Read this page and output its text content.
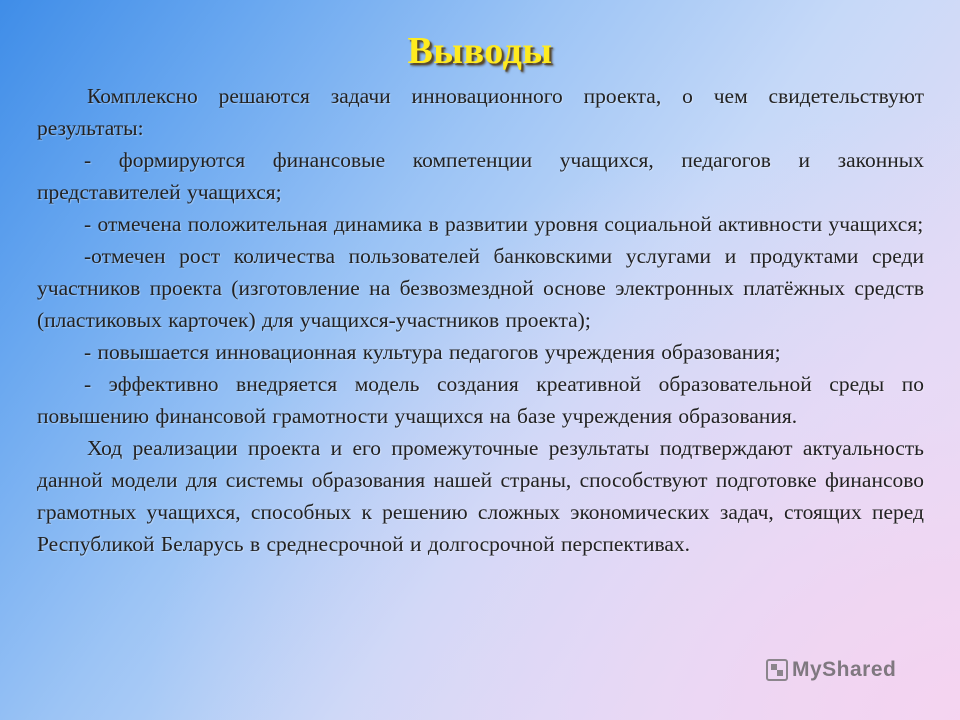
Выводы

Комплексно решаются задачи инновационного проекта, о чем свидетельствуют результаты:

- формируются финансовые компетенции учащихся, педагогов и законных представителей учащихся;

- отмечена положительная динамика в развитии уровня социальной активности учащихся;

-отмечен рост количества пользователей банковскими услугами и продуктами среди участников проекта (изготовление на безвозмездной основе электронных платёжных средств (пластиковых карточек) для учащихся-участников проекта);

- повышается инновационная культура педагогов учреждения образования;

- эффективно внедряется модель создания креативной образовательной среды по повышению финансовой грамотности учащихся на базе учреждения образования.

Ход реализации проекта и его промежуточные результаты подтверждают актуальность данной модели для системы образования нашей страны, способствуют подготовке финансово грамотных учащихся, способных к решению сложных экономических задач, стоящих перед Республикой Беларусь в среднесрочной и долгосрочной перспективах.

MyShared
